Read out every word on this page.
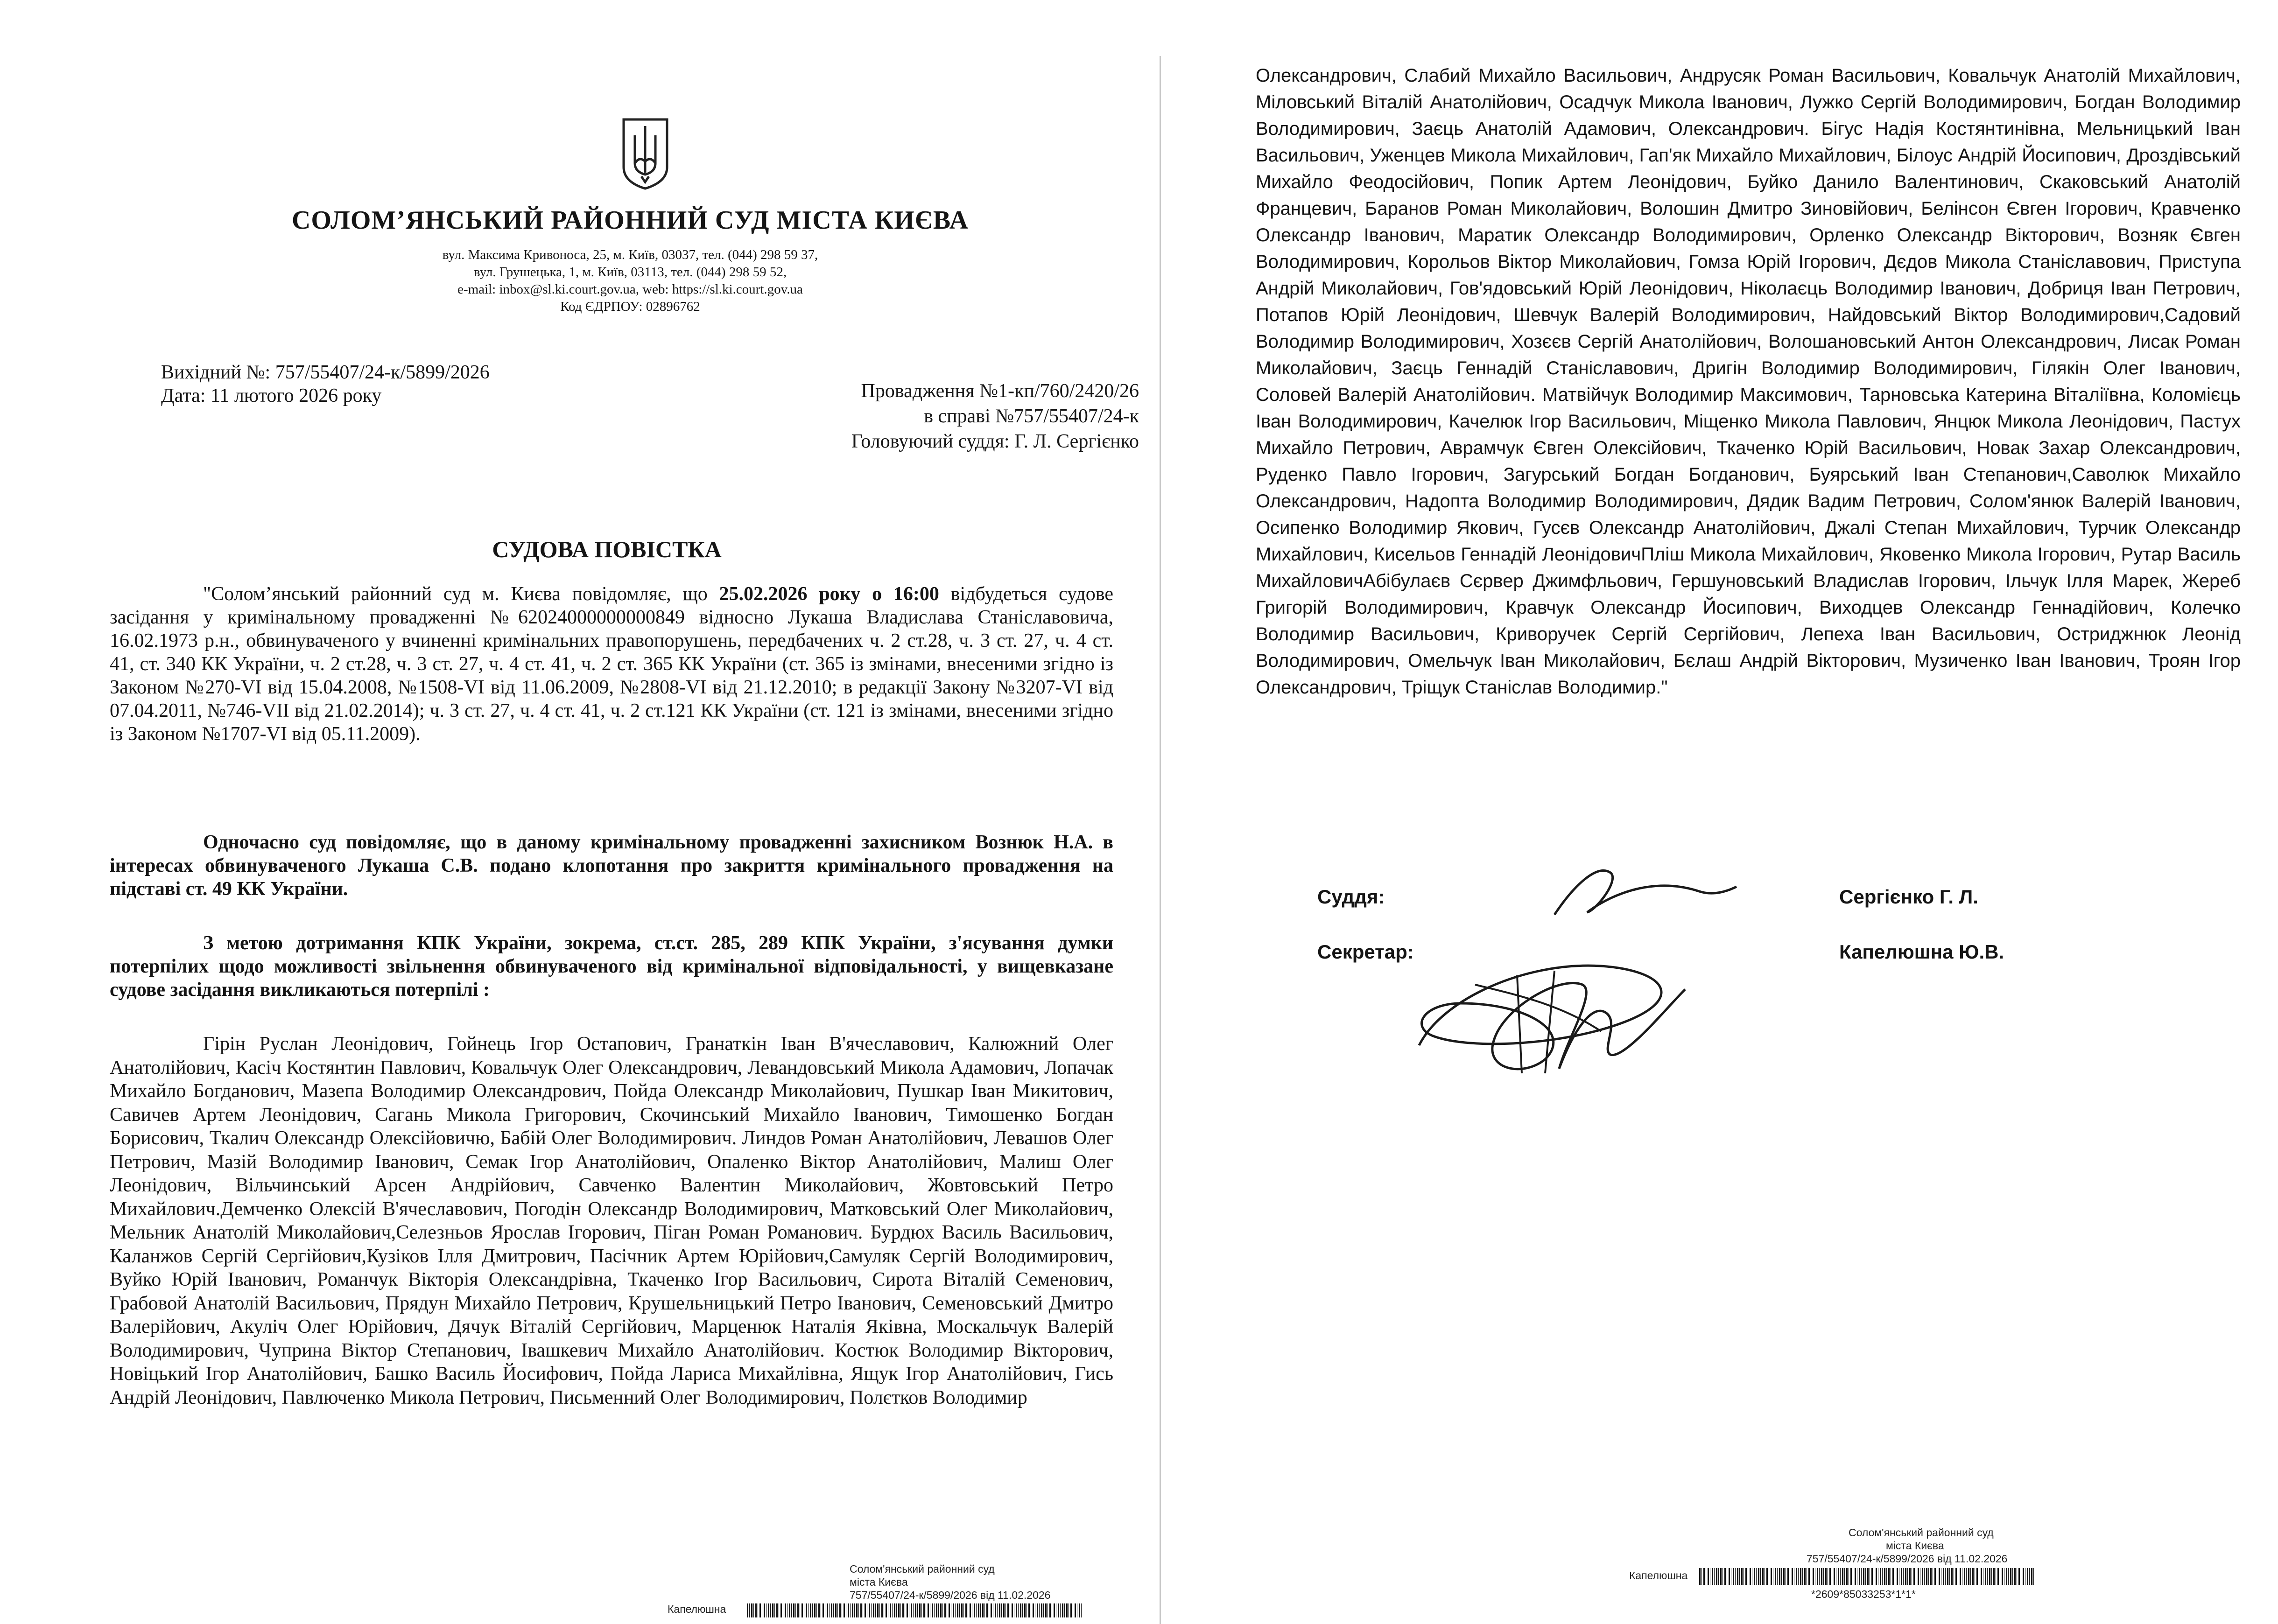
СОЛОМ’ЯНСЬКИЙ РАЙОННИЙ СУД МІСТА КИЄВА
вул. Максима Кривоноса, 25, м. Київ, 03037, тел. (044) 298 59 37,
вул. Грушецька, 1, м. Київ, 03113, тел. (044) 298 59 52,
e-mail: inbox@sl.ki.court.gov.ua, web: https://sl.ki.court.gov.ua
Код ЄДРПОУ: 02896762
Вихідний №: 757/55407/24-к/5899/2026
Дата: 11 лютого 2026 року	Провадження №1-кп/760/2420/26
в справі №757/55407/24-к
Головуючий суддя: Г. Л. Сергієнко
СУДОВА ПОВІСТКА
"Солом’янський районний суд м. Києва повідомляє, що 25.02.2026 року о 16:00 відбудеться судове засідання у кримінальному провадженні №62024000000000849 відносно Лукаша Владислава Станіславовича, 16.02.1973 р.н., обвинуваченого у вчиненні кримінальних правопорушень, передбачених ч. 2 ст.28, ч. 3 ст. 27, ч. 4 ст. 41, ст. 340 КК України, ч. 2 ст.28, ч. 3 ст. 27, ч. 4 ст. 41, ч. 2 ст. 365 КК України (ст. 365 із змінами, внесеними згідно із Законом №270-VI від 15.04.2008, №1508-VI від 11.06.2009, №2808-VI від 21.12.2010; в редакції Закону №3207-VI від 07.04.2011, №746-VII від 21.02.2014); ч. 3 ст. 27, ч. 4 ст. 41, ч. 2 ст.121 КК України (ст. 121 із змінами, внесеними згідно із Законом №1707-VI від 05.11.2009).
Одночасно суд повідомляє, що в даному кримінальному провадженні захисником Вознюк Н.А. в інтересах обвинуваченого Лукаша С.В. подано клопотання про закриття кримінального провадження на підставі ст. 49 КК України.
З метою дотримання КПК України, зокрема, ст.ст. 285, 289 КПК України, з'ясування думки потерпілих щодо можливості звільнення обвинуваченого від кримінальної відповідальності, у вищевказане судове засідання викликаються потерпілі :
Гірін Руслан Леонідович, Гойнець Ігор Остапович, Гранаткін Іван В'ячеславович, Калюжний Олег Анатолійович, Касіч Костянтин Павлович, Ковальчук Олег Олександрович, Левандовський Микола Адамович, Лопачак Михайло Богданович, Мазепа Володимир Олександрович, Пойда Олександр Миколайович, Пушкар Іван Микитович, Савичев Артем Леонідович, Сагань Микола Григорович, Скочинський Михайло Іванович, Тимошенко Богдан Борисович, Ткалич Олександр Олексійовичю, Бабій Олег Володимирович. Линдов Роман Анатолійович, Левашов Олег Петрович, Мазій Володимир Іванович, Семак Ігор Анатолійович, Опаленко Віктор Анатолійович, Малиш Олег Леонідович, Вільчинський Арсен Андрійович, Савченко Валентин Миколайович, Жовтовський Петро Михайлович.Демченко Олексій В'ячеславович, Погодін Олександр Володимирович, Матковський Олег Миколайович, Мельник Анатолій Миколайович,Селезньов Ярослав Ігорович, Піган Роман Романович. Бурдюх Василь Васильович, Каланжов Сергій Сергійович,Кузіков Ілля Дмитрович, Пасічник Артем Юрійович,Самуляк Сергій Володимирович, Вуйко Юрій Іванович, Романчук Вікторія Олександрівна, Ткаченко Ігор Васильович, Сирота Віталій Семенович, Грабовой Анатолій Васильович, Прядун Михайло Петрович, Крушельницький Петро Іванович, Семеновський Дмитро Валерійович, Акуліч Олег Юрійович, Дячук Віталій Сергійович, Марценюк Наталія Яківна, Москальчук Валерій Володимирович, Чуприна Віктор Степанович, Івашкевич Михайло Анатолійович. Костюк Володимир Вікторович, Новіцький Ігор Анатолійович, Башко Василь Йосифович, Пойда Лариса Михайлівна, Ящук Ігор Анатолійович, Гись Андрій Леонідович, Павлюченко Микола Петрович, Письменний Олег Володимирович, Полєтков Володимир
Солом'янський районний суд
міста Києва
757/55407/24-к/5899/2026 від 11.02.2026
Капелюшна
Олександрович, Слабий Михайло Васильович, Андрусяк Роман Васильович, Ковальчук Анатолій Михайлович, Міловський Віталій Анатолійович, Осадчук Микола Іванович, Лужко Сергій Володимирович, Богдан Володимир Володимирович, Заєць Анатолій Адамович, Олександрович. Бігус Надія Костянтинівна, Мельницький Іван Васильович, Уженцев Микола Михайлович, Гап'як Михайло Михайлович, Білоус Андрій Йосипович, Дроздівський Михайло Феодосійович, Попик Артем Леонідович, Буйко Данило Валентинович, Скаковський Анатолій Францевич, Баранов Роман Миколайович, Волошин Дмитро Зиновійович, Белінсон Євген Ігорович, Кравченко Олександр Іванович, Маратик Олександр Володимирович, Орленко Олександр Вікторович, Возняк Євген Володимирович, Корольов Віктор Миколайович, Гомза Юрій Ігорович, Дєдов Микола Станіславович, Приступа Андрій Миколайович, Гов'ядовський Юрій Леонідович, Ніколаєць Володимир Іванович, Добриця Іван Петрович, Потапов Юрій Леонідович, Шевчук Валерій Володимирович, Найдовський Віктор Володимирович,Садовий Володимир Володимирович, Хозєєв Сергій Анатолійович, Волошановський Антон Олександрович, Лисак Роман Миколайович, Заєць Геннадій Станіславович, Дригін Володимир Володимирович, Гілякін Олег Іванович, Соловей Валерій Анатолійович. Матвійчук Володимир Максимович, Тарновська Катерина Віталіївна, Коломієць Іван Володимирович, Качелюк Ігор Васильович, Міщенко Микола Павлович, Янцюк Микола Леонідович, Пастух Михайло Петрович, Аврамчук Євген Олексійович, Ткаченко Юрій Васильович, Новак Захар Олександрович, Руденко Павло Ігорович, Загурський Богдан Богданович, Буярський Іван Степанович,Саволюк Михайло Олександрович, Надопта Володимир Володимирович, Дядик Вадим Петрович, Солом'янюк Валерій Іванович, Осипенко Володимир Якович, Гусєв Олександр Анатолійович, Джалі Степан Михайлович, Турчик Олександр Михайлович, Кисельов Геннадій ЛеонідовичПліш Микола Михайлович, Яковенко Микола Ігорович, Рутар Василь МихайловичАбібулаєв Сєрвер Джимфльович, Гершуновський Владислав Ігорович, Ільчук Ілля Марек, Жереб Григорій Володимирович, Кравчук Олександр Йосипович, Виходцев Олександр Геннадійович, Колечко Володимир Васильович, Криворучек Сергій Сергійович, Лепеха Іван Васильович, Остриджнюк Леонід Володимирович, Омельчук Іван Миколайович, Бєлаш Андрій Вікторович, Музиченко Іван Іванович, Троян Ігор Олександрович, Тріщук Станіслав Володимир."
Суддя:	Сергієнко Г. Л.
Секретар:	Капелюшна Ю.В.
Солом'янський районний суд
міста Києва
757/55407/24-к/5899/2026 від 11.02.2026
Капелюшна
*2609*85033253*1*1*
